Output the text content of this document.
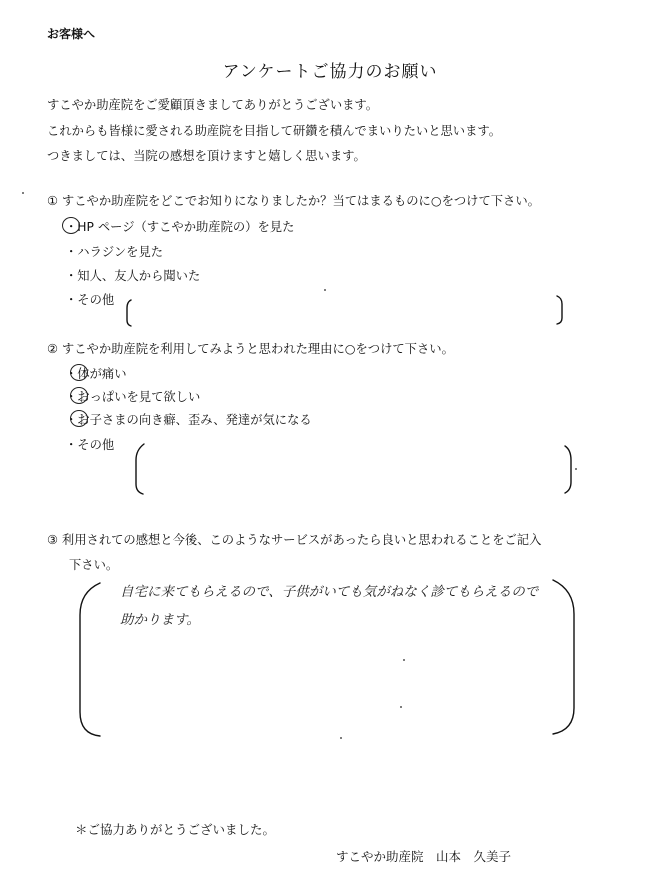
お客様へ
アンケートご協力のお願い
すこやか助産院をご愛顧頂きましてありがとうございます。
これからも皆様に愛される助産院を目指して研鑽を積んでまいりたいと思います。
つきましては、当院の感想を頂けますと嬉しく思います。
① すこやか助産院をどこでお知りになりましたか？当てはまるものに○をつけて下さい。
・HP ページ（すこやか助産院の）を見た
・ハラジンを見た
・知人、友人から聞いた
・その他
② すこやか助産院を利用してみようと思われた理由に○をつけて下さい。
・体が痛い
・おっぱいを見て欲しい
・お子さまの向き癖、歪み、発達が気になる
・その他
③ 利用されての感想と今後、このようなサービスがあったら良いと思われることをご記入
下さい。
自宅に来てもらえるので、子供がいても気がねなく診てもらえるので
助かります。
＊ご協力ありがとうございました。
すこやか助産院　山本　久美子
